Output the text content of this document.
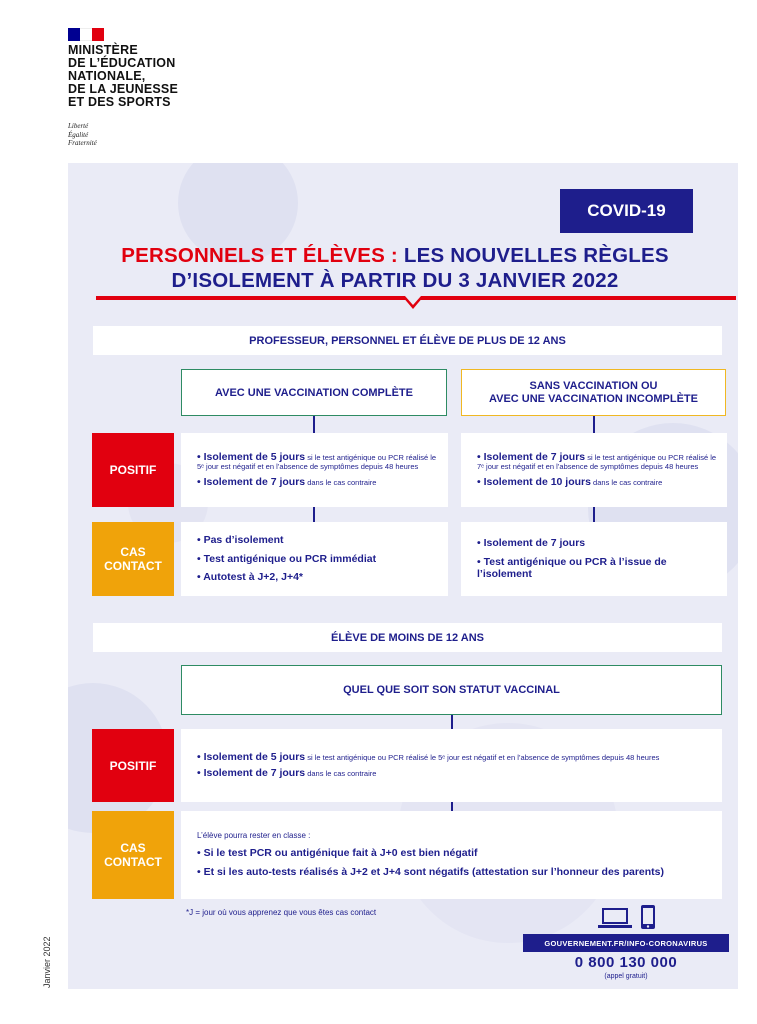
MINISTÈRE
DE L’ÉDUCATION
NATIONALE,
DE LA JEUNESSE
ET DES SPORTS
Liberté
Égalité
Fraternité
Janvier 2022
COVID-19
PERSONNELS ET ÉLÈVES : LES NOUVELLES RÈGLES
D’ISOLEMENT À PARTIR DU 3 JANVIER 2022
PROFESSEUR, PERSONNEL ET ÉLÈVE DE PLUS DE 12 ANS
AVEC UNE VACCINATION COMPLÈTE
SANS VACCINATION OU
AVEC UNE VACCINATION INCOMPLÈTE
POSITIF
• Isolement de 5 jours si le test antigénique ou PCR réalisé le 5ᵉ jour est négatif et en l’absence de symptômes depuis 48 heures
• Isolement de 7 jours dans le cas contraire
• Isolement de 7 jours si le test antigénique ou PCR réalisé le 7ᵉ jour est négatif et en l’absence de symptômes depuis 48 heures
• Isolement de 10 jours dans le cas contraire
CAS
CONTACT
• Pas d’isolement
• Test antigénique ou PCR immédiat
• Autotest à J+2, J+4*
• Isolement de 7 jours
• Test antigénique ou PCR à l’issue de l’isolement
ÉLÈVE DE MOINS DE 12 ANS
QUEL QUE SOIT SON STATUT VACCINAL
POSITIF
• Isolement de 5 jours si le test antigénique ou PCR réalisé le 5ᵉ jour est négatif et en l’absence de symptômes depuis 48 heures
• Isolement de 7 jours dans le cas contraire
CAS
CONTACT
L’élève pourra rester en classe :
• Si le test PCR ou antigénique fait à J+0 est bien négatif
• Et si les auto-tests réalisés à J+2 et J+4 sont négatifs (attestation sur l’honneur des parents)
*J = jour où vous apprenez que vous êtes cas contact
GOUVERNEMENT.FR/INFO-CORONAVIRUS
0 800 130 000
(appel gratuit)
